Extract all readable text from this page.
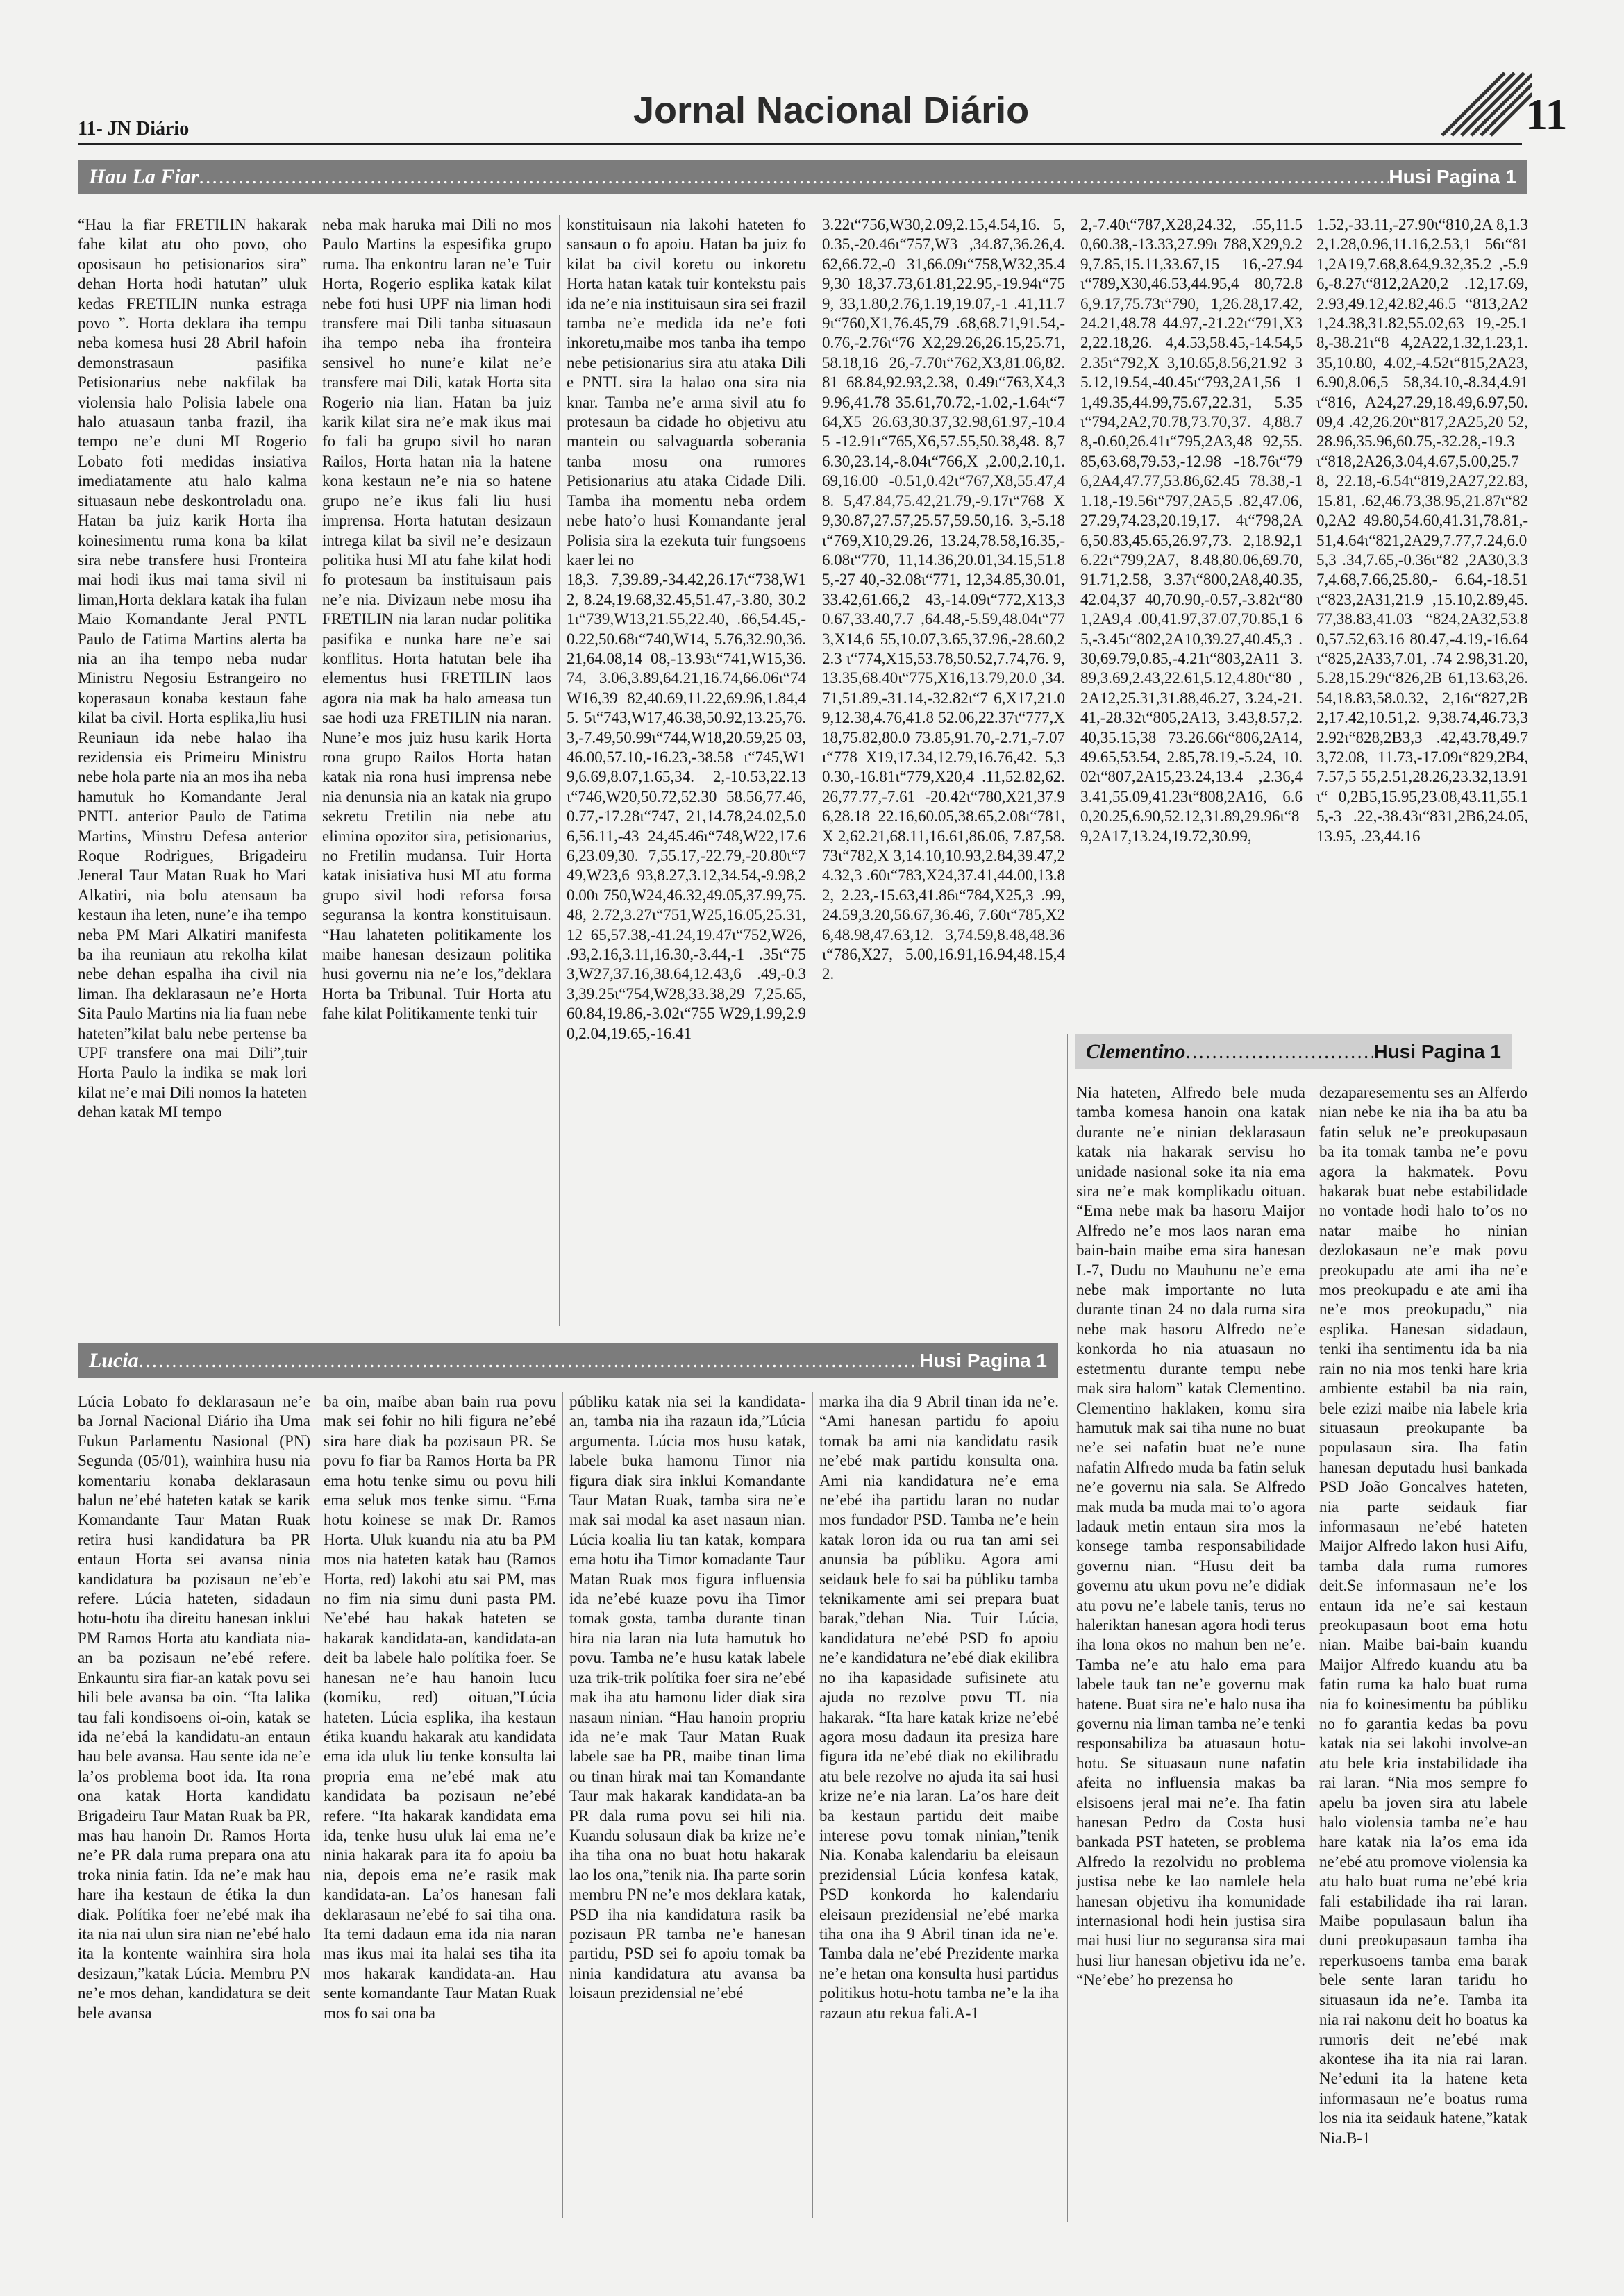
11- JN Diário	Jornal Nacional Diário	11
Hau La Fiar .....	Husi Pagina 1

“Hau la fiar FRETILIN hakarak fahe kilat atu oho povo, oho oposisaun ho petisionarios sira” dehan Horta hodi hatutan” uluk kedas FRETILIN nunka estraga povo ”. Horta deklara iha tempu neba komesa husi 28 Abril hafoin demonstrasaun pasifika Petisionarius nebe nakfilak ba violensia halo Polisia labele ona halo atuasaun tanba frazil, iha tempo ne’e duni MI Rogerio Lobato foti medidas insiativa imediatamente atu halo kalma situasaun nebe deskontroladu ona. Hatan ba juiz karik Horta iha koinesimentu ruma kona ba kilat sira nebe transfere husi Fronteira mai hodi ikus mai tama sivil ni liman,Horta deklara katak iha fulan Maio Komandante Jeral PNTL Paulo de Fatima Martins alerta ba nia an iha tempo neba nudar Ministru Negosiu Estrangeiro no koperasaun konaba kestaun fahe kilat ba civil. Horta esplika,liu husi Reuniaun ida nebe halao iha rezidensia eis Primeiru Ministru nebe hola parte nia an mos iha neba hamutuk ho Komandante Jeral PNTL anterior Paulo de Fatima Martins, Minstru Defesa anterior Roque Rodrigues, Brigadeiru Jeneral Taur Matan Ruak ho Mari Alkatiri, nia bolu atensaun ba kestaun iha leten, nune’e iha tempo neba PM Mari Alkatiri manifesta ba iha reuniaun atu rekolha kilat nebe dehan espalha iha civil nia liman. Iha deklarasaun ne’e Horta Sita Paulo Martins nia lia fuan nebe hateten”kilat balu nebe pertense ba UPF transfere ona mai Dili”,tuir Horta Paulo la indika se mak lori kilat ne’e mai Dili nomos la hateten dehan katak MI tempo

neba mak haruka mai Dili no mos Paulo Martins la espesifika grupo ruma. Iha enkontru laran ne’e Tuir Horta, Rogerio esplika katak kilat nebe foti husi UPF nia liman hodi transfere mai Dili tanba situasaun iha tempo neba iha fronteira sensivel ho nune’e kilat ne’e transfere mai Dili, katak Horta sita Rogerio nia lian. Hatan ba juiz karik kilat sira ne’e mak ikus mai fo fali ba grupo sivil ho naran Railos, Horta hatan nia la hatene kona kestaun ne’e nia so hatene grupo ne’e ikus fali liu husi imprensa. Horta hatutan desizaun intrega kilat ba sivil ne’e desizaun politika husi MI atu fahe kilat hodi fo protesaun ba instituisaun pais ne’e nia. Divizaun nebe mosu iha FRETILIN nia laran nudar politika pasifika e nunka hare ne’e sai konflitus. Horta hatutan bele iha elementus husi FRETILIN laos agora nia mak ba halo ameasa tun sae hodi uza FRETILIN nia naran. Nune’e mos juiz husu karik Horta rona grupo Railos Horta hatan katak nia rona husi imprensa nebe nia denunsia nia an katak nia grupo sekretu Fretilin nia nebe atu elimina opozitor sira, petisionarius, no Fretilin mudansa. Tuir Horta katak inisiativa husi MI atu forma grupo sivil hodi reforsa forsa seguransa la kontra konstituisaun. “Hau lahateten politikamente los maibe hanesan desizaun politika husi governu nia ne’e los,”deklara Horta ba Tribunal. Tuir Horta atu fahe kilat Politikamente tenki tuir

konstituisaun nia lakohi hateten fo sansaun o fo apoiu. Hatan ba juiz fo kilat ba civil koretu ou inkoretu Horta hatan katak tuir kontekstu pais ida ne’e nia instituisaun sira sei frazil tamba ne’e medida ida ne’e foti inkoretu,maibe mos tanba iha tempo nebe petisionarius sira atu ataka Dili e PNTL sira la halao ona sira nia knar. Tamba ne’e arma sivil atu fo protesaun ba cidade ho objetivu atu mantein ou salvaguarda soberania tanba mosu ona rumores Petisionarius atu ataka Cidade Dili. Tamba iha momentu neba ordem nebe hato’o husi Komandante jeral Polisia sira la ezekuta tuir fungsoens kaer lei no

18,3. 7,39.89,-34.42,26.17ɩ“738,W12, 8.24,19.68,32.45,51.47,-3.80, 30.21ɩ“739,W13,21.55,22.40, .66,54.45,-0.22,50.68ɩ“740,W14, 5.76,32.90,36.21,64.08,14 08,-13.93ɩ“741,W15,36.74, 3.06,3.89,64.21,16.74,66.06ɩ“74 W16,39 82,40.69,11.22,69.96,1.84,45. 5ɩ“743,W17,46.38,50.92,13.25,76. 3,-7.49,50.99ɩ“744,W18,20.59,25 03,46.00,57.10,-16.23,-38.58 ɩ“745,W19,6.69,8.07,1.65,34. 2,-10.53,22.13ɩ“746,W20,50.72,52.30 58.56,77.46,0.77,-17.28ɩ“747, 21,14.78,24.02,5.06,56.11,-43 24,45.46ɩ“748,W22,17.66,23.09,30. 7,55.17,-22.79,-20.80ɩ“749,W23,6 93,8.27,3.12,34.54,-9.98,20.00ɩ 750,W24,46.32,49.05,37.99,75.48, 2.72,3.27ɩ“751,W25,16.05,25.31,12 65,57.38,-41.24,19.47ɩ“752,W26, .93,2.16,3.11,16.30,-3.44,-1 .35ɩ“753,W27,37.16,38.64,12.43,6 .49,-0.33,39.25ɩ“754,W28,33.38,29 7,25.65,60.84,19.86,-3.02ɩ“755 W29,1.99,2.90,2.04,19.65,-16.41

3.22ɩ“756,W30,2.09,2.15,4.54,16. 5,0.35,-20.46ɩ“757,W3 ,34.87,36.26,4.62,66.72,-0 31,66.09ɩ“758,W32,35.49,30 18,37.73,61.81,22.95,-19.94ɩ“759, 33,1.80,2.76,1.19,19.07,-1 .41,11.79ɩ“760,X1,76.45,79 .68,68.71,91.54,-0.76,-2.76ɩ“76 X2,29.26,26.15,25.71,58.18,16 26,-7.70ɩ“762,X3,81.06,82.81 68.84,92.93,2.38, 0.49ɩ“763,X4,39.96,41.78 35.61,70.72,-1.02,-1.64ɩ“764,X5 26.63,30.37,32.98,61.97,-10.45 -12.91ɩ“765,X6,57.55,50.38,48. 8,76.30,23.14,-8.04ɩ“766,X ,2.00,2.10,1.69,16.00 -0.51,0.42ɩ“767,X8,55.47,48. 5,47.84,75.42,21.79,-9.17ɩ“768 X9,30.87,27.57,25.57,59.50,16. 3,-5.18ɩ“769,X10,29.26, 13.24,78.58,16.35,-6.08ɩ“770, 11,14.36,20.01,34.15,51.85,-27 40,-32.08ɩ“771, 12,34.85,30.01,33.42,61.66,2 43,-14.09ɩ“772,X13,30.67,33.40,7.7 ,64.48,-5.59,48.04ɩ“773,X14,6 55,10.07,3.65,37.96,-28.60,22.3 ɩ“774,X15,53.78,50.52,7.74,76. 9,13.35,68.40ɩ“775,X16,13.79,20.0 ,34.71,51.89,-31.14,-32.82ɩ“7 6,X17,21.09,12.38,4.76,41.8 52.06,22.37ɩ“777,X18,75.82,80.0 73.85,91.70,-2.71,-7.07ɩ“778 X19,17.34,12.79,16.76,42. 5,30.30,-16.81ɩ“779,X20,4 .11,52.82,62.26,77.77,-7.61 -20.42ɩ“780,X21,37.96,28.18 22.16,60.05,38.65,2.08ɩ“781,X 2,62.21,68.11,16.61,86.06, 7.87,58.73ɩ“782,X 3,14.10,10.93,2.84,39.47,24.32,3 .60ɩ“783,X24,37.41,44.00,13.82, 2.23,-15.63,41.86ɩ“784,X25,3 .99,24.59,3.20,56.67,36.46, 7.60ɩ“785,X26,48.98,47.63,12. 3,74.59,8.48,48.36ɩ“786,X27, 5.00,16.91,16.94,48.15,42.

2,-7.40ɩ“787,X28,24.32, .55,11.50,60.38,-13.33,27.99ɩ 788,X29,9.29,7.85,15.11,33.67,15 16,-27.94ɩ“789,X30,46.53,44.95,4 80,72.86,9.17,75.73ɩ“790, 1,26.28,17.42,24.21,48.78 44.97,-21.22ɩ“791,X32,22.18,26. 4,4.53,58.45,-14.54,52.35ɩ“792,X 3,10.65,8.56,21.92 35.12,19.54,-40.45ɩ“793,2A1,56 11,49.35,44.99,75.67,22.31, 5.35ɩ“794,2A2,70.78,73.70,37. 4,88.78,-0.60,26.41ɩ“795,2A3,48 92,55.85,63.68,79.53,-12.98 -18.76ɩ“796,2A4,47.77,53.86,62.45 78.38,-11.18,-19.56ɩ“797,2A5,5 .82,47.06,27.29,74.23,20.19,17. 4ɩ“798,2A6,50.83,45.65,26.97,73. 2,18.92,16.22ɩ“799,2A7, 8.48,80.06,69.70,91.71,2.58, 3.37ɩ“800,2A8,40.35,42.04,37 40,70.90,-0.57,-3.82ɩ“801,2A9,4 .00,41.97,37.07,70.85,1 65,-3.45ɩ“802,2A10,39.27,40.45,3 .30,69.79,0.85,-4.21ɩ“803,2A11 3.89,3.69,2.43,22.61,5.12,4.80ɩ“80 ,2A12,25.31,31.88,46.27, 3.24,-21.41,-28.32ɩ“805,2A13, 3.43,8.57,2.40,35.15,38 73.26.66ɩ“806,2A14,49.65,53.54, 2.85,78.19,-5.24, 10.02ɩ“807,2A15,23.24,13.4 ,2.36,43.41,55.09,41.23ɩ“808,2A16, 6.60,20.25,6.90,52.12,31.89,29.96ɩ“8 9,2A17,13.24,19.72,30.99,

1.52,-33.11,-27.90ɩ“810,2A 8,1.32,1.28,0.96,11.16,2.53,1 56ɩ“811,2A19,7.68,8.64,9.32,35.2 ,-5.96,-8.27ɩ“812,2A20,2 .12,17.69,2.93,49.12,42.82,46.5 “813,2A21,24.38,31.82,55.02,63 19,-25.18,-38.21ɩ“8 4,2A22,1.32,1.23,1.35,10.80, 4.02,-4.52ɩ“815,2A23,6.90,8.06,5 58,34.10,-8.34,4.91ɩ“816, A24,27.29,18.49,6.97,50.09,4 .42,26.20ɩ“817,2A25,20 52,28.96,35.96,60.75,-32.28,-19.3 ɩ“818,2A26,3.04,4.67,5.00,25.78, 22.18,-6.54ɩ“819,2A27,22.83,15.81, .62,46.73,38.95,21.87ɩ“820,2A2 49.80,54.60,41.31,78.81,- 51,4.64ɩ“821,2A29,7.77,7.24,6.05,3 .34,7.65,-0.36ɩ“82 ,2A30,3.37,4.68,7.66,25.80,- 6.64,-18.51ɩ“823,2A31,21.9 ,15.10,2.89,45.77,38.83,41.03 “824,2A32,53.80,57.52,63.16 80.47,-4.19,-16.64ɩ“825,2A33,7.01, .74 2.98,31.20,5.28,15.29ɩ“826,2B 61,13.63,26.54,18.83,58.0.32, 2,16ɩ“827,2B2,17.42,10.51,2. 9,38.74,46.73,32.92ɩ“828,2B3,3 .42,43.78,49.73,72.08, 11.73,-17.09ɩ“829,2B4,7.57,5 55,2.51,28.26,23.32,13.91ɩ“ 0,2B5,15.95,23.08,43.11,55.15,-3 .22,-38.43ɩ“831,2B6,24.05,13.95, .23,44.16

Clementino .....	Husi Pagina 1

Nia hateten, Alfredo bele muda tamba komesa hanoin ona katak durante ne’e ninian deklarasaun katak nia hakarak servisu ho unidade nasional soke ita nia ema sira ne’e mak komplikadu oituan. “Ema nebe mak ba hasoru Maijor Alfredo ne’e mos laos naran ema bain-bain maibe ema sira hanesan L-7, Dudu no Mauhunu ne’e ema nebe mak importante no luta durante tinan 24 no dala ruma sira nebe mak hasoru Alfredo ne’e konkorda ho nia atuasaun no estetmentu durante tempu nebe mak sira halom” katak Clementino. Clementino haklaken, komu sira hamutuk mak sai tiha nune no buat ne’e sei nafatin buat ne’e nune nafatin Alfredo muda ba fatin seluk ne’e governu nia sala. Se Alfredo mak muda ba muda mai to’o agora ladauk metin entaun sira mos la konsege tamba responsabilidade governu nian. “Husu deit ba governu atu ukun povu ne’e didiak atu povu ne’e labele tanis, terus no haleriktan hanesan agora hodi terus iha lona okos no mahun ben ne’e. Tamba ne’e atu halo ema para labele tauk tan ne’e governu mak hatene. Buat sira ne’e halo nusa iha governu nia liman tamba ne’e tenki responsabiliza ba atuasaun hotu-hotu. Se situasaun nune nafatin afeita no influensia makas ba elsisoens jeral mai ne’e. Iha fatin hanesan Pedro da Costa husi bankada PST hateten, se problema Alfredo la rezolvidu no problema justisa nebe ke lao namlele hela hanesan objetivu iha komunidade internasional hodi hein justisa sira mai husi liur no seguransa sira mai husi liur hanesan objetivu ida ne’e. “Ne’ebe’ ho prezensa ho

dezaparesementu ses an Alferdo nian nebe ke nia iha ba atu ba fatin seluk ne’e preokupasaun ba ita tomak tamba ne’e povu agora la hakmatek. Povu hakarak buat nebe estabilidade no vontade hodi halo to’os no natar maibe ho ninian dezlokasaun ne’e mak povu preokupadu ate ami iha ne’e mos preokupadu e ate ami iha ne’e mos preokupadu,” nia esplika. Hanesan sidadaun, tenki iha sentimentu ida ba nia rain no nia mos tenki hare kria ambiente estabil ba nia rain, bele ezizi maibe nia labele kria situasaun preokupante ba populasaun sira. Iha fatin hanesan deputadu husi bankada PSD João Goncalves hateten, nia parte seidauk fiar informasaun ne’ebé hateten Maijor Alfredo lakon husi Aifu, tamba dala ruma rumores deit.Se informasaun ne’e los entaun ida ne’e sai kestaun preokupasaun boot ema hotu nian. Maibe bai-bain kuandu Maijor Alfredo kuandu atu ba fatin ruma ka halo buat ruma nia fo koinesimentu ba públiku no fo garantia kedas ba povu katak nia sei lakohi involve-an atu bele kria instabilidade iha rai laran. “Nia mos sempre fo apelu ba joven sira atu labele halo violensia tamba ne’e hau hare katak nia la’os ema ida ne’ebé atu promove violensia ka atu halo buat ruma ne’ebé kria fali estabilidade iha rai laran. Maibe populasaun balun iha duni preokupasaun tamba iha reperkusoens tamba ema barak bele sente laran taridu ho situasaun ida ne’e. Tamba ita nia rai nakonu deit ho boatus ka rumoris deit ne’ebé mak akontese iha ita nia rai laran. Ne’eduni ita la hatene keta informasaun ne’e boatus ruma los nia ita seidauk hatene,”katak Nia.B-1

Lucia .....	Husi Pagina 1

Lúcia Lobato fo deklarasaun ne’e ba Jornal Nacional Diário iha Uma Fukun Parlamentu Nasional (PN) Segunda (05/01), wainhira husu nia komentariu konaba deklarasaun balun ne’ebé hateten katak se karik Komandante Taur Matan Ruak retira husi kandidatura ba PR entaun Horta sei avansa ninia kandidatura ba pozisaun ne’eb’e refere. Lúcia hateten, sidadaun hotu-hotu iha direitu hanesan inklui PM Ramos Horta atu kandiata nia-an ba pozisaun ne’ebé refere. Enkauntu sira fiar-an katak povu sei hili bele avansa ba oin. “Ita lalika tau fali kondisoens oi-oin, katak se ida ne’ebá la kandidatu-an entaun hau bele avansa. Hau sente ida ne’e la’os problema boot ida. Ita rona ona katak Horta kandidatu Brigadeiru Taur Matan Ruak ba PR, mas hau hanoin Dr. Ramos Horta ne’e PR dala ruma prepara ona atu troka ninia fatin. Ida ne’e mak hau hare iha kestaun de étika la dun diak. Polítika foer ne’ebé mak iha ita nia nai ulun sira nian ne’ebé halo ita la kontente wainhira sira hola desizaun,”katak Lúcia. Membru PN ne’e mos dehan, kandidatura se deit bele avansa

ba oin, maibe aban bain rua povu mak sei fohir no hili figura ne’ebé sira hare diak ba pozisaun PR. Se povu fo fiar ba Ramos Horta ba PR ema hotu tenke simu ou povu hili ema seluk mos tenke simu. “Ema hotu koinese se mak Dr. Ramos Horta. Uluk kuandu nia atu ba PM mos nia hateten katak hau (Ramos Horta, red) lakohi atu sai PM, mas no fim nia simu duni pasta PM. Ne’ebé hau hakak hateten se hakarak kandidata-an, kandidata-an deit ba labele halo polítika foer. Se hanesan ne’e hau hanoin lucu (komiku, red) oituan,”Lúcia hateten. Lúcia esplika, iha kestaun étika kuandu hakarak atu kandidata ema ida uluk liu tenke konsulta lai propria ema ne’ebé mak atu kandidata ba pozisaun ne’ebé refere. “Ita hakarak kandidata ema ida, tenke husu uluk lai ema ne’e ninia hakarak para ita fo apoiu ba nia, depois ema ne’e rasik mak kandidata-an. La’os hanesan fali deklarasaun ne’ebé fo sai tiha ona. Ita temi dadaun ema ida nia naran mas ikus mai ita halai ses tiha ita mos hakarak kandidata-an. Hau sente komandante Taur Matan Ruak mos fo sai ona ba

públiku katak nia sei la kandidata-an, tamba nia iha razaun ida,”Lúcia argumenta. Lúcia mos husu katak, labele buka hamonu Timor nia figura diak sira inklui Komandante Taur Matan Ruak, tamba sira ne’e mak sai modal ka aset nasaun nian. Lúcia koalia liu tan katak, kompara ema hotu iha Timor komadante Taur Matan Ruak mos figura influensia ida ne’ebé kuaze povu iha Timor tomak gosta, tamba durante tinan hira nia laran nia luta hamutuk ho povu. Tamba ne’e husu katak labele uza trik-trik polítika foer sira ne’ebé mak iha atu hamonu lider diak sira nasaun ninian. “Hau hanoin propriu ida ne’e mak Taur Matan Ruak labele sae ba PR, maibe tinan lima ou tinan hirak mai tan Komandante Taur mak hakarak kandidata-an ba PR dala ruma povu sei hili nia. Kuandu solusaun diak ba krize ne’e iha tiha ona no buat hotu hakarak lao los ona,”tenik nia. Iha parte sorin membru PN ne’e mos deklara katak, PSD iha nia kandidatura rasik ba pozisaun PR tamba ne’e hanesan partidu, PSD sei fo apoiu tomak ba ninia kandidatura atu avansa ba loisaun prezidensial ne’ebé

marka iha dia 9 Abril tinan ida ne’e. “Ami hanesan partidu fo apoiu tomak ba ami nia kandidatu rasik ne’ebé mak partidu konsulta ona. Ami nia kandidatura ne’e ema ne’ebé iha partidu laran no nudar mos fundador PSD. Tamba ne’e hein katak loron ida ou rua tan ami sei anunsia ba públiku. Agora ami seidauk bele fo sai ba públiku tamba teknikamente ami sei prepara buat barak,”dehan Nia. Tuir Lúcia, kandidatura ne’ebé PSD fo apoiu ne’e kandidatura ne’ebé diak ekilibra no iha kapasidade sufisinete atu ajuda no rezolve povu TL nia hakarak. “Ita hare katak krize ne’ebé agora mosu dadaun ita presiza hare figura ida ne’ebé diak no ekilibradu atu bele rezolve no ajuda ita sai husi krize ne’e nia laran. La’os hare deit ba kestaun partidu deit maibe interese povu tomak ninian,”tenik Nia. Konaba kalendariu ba eleisaun prezidensial Lúcia konfesa katak, PSD konkorda ho kalendariu eleisaun prezidensial ne’ebé marka tiha ona iha 9 Abril tinan ida ne’e. Tamba dala ne’ebé Prezidente marka ne’e hetan ona konsulta husi partidus politikus hotu-hotu tamba ne’e la iha razaun atu rekua fali.A-1
